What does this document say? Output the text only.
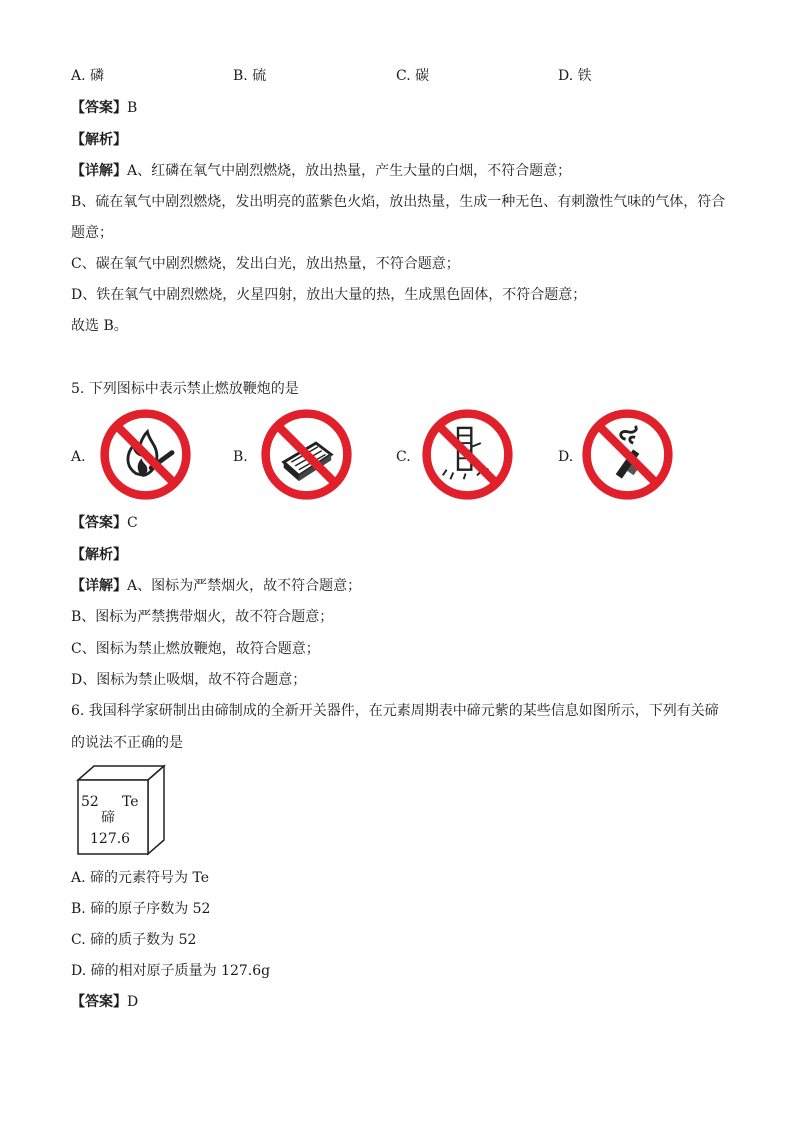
A. 磷	B. 硫	C. 碳	D. 铁
【答案】B
【解析】
【详解】A、红磷在氧气中剧烈燃烧，放出热量，产生大量的白烟，不符合题意；
B、硫在氧气中剧烈燃烧，发出明亮的蓝紫色火焰，放出热量，生成一种无色、有刺激性气味的气体，符合
题意；
C、碳在氧气中剧烈燃烧，发出白光，放出热量，不符合题意；
D、铁在氧气中剧烈燃烧，火星四射，放出大量的热，生成黑色固体，不符合题意；
故选 B。
5. 下列图标中表示禁止燃放鞭炮的是
A.	B.	C.	D.
【答案】C
【解析】
【详解】A、图标为严禁烟火，故不符合题意；
B、图标为严禁携带烟火，故不符合题意；
C、图标为禁止燃放鞭炮，故符合题意；
D、图标为禁止吸烟，故不符合题意；
6. 我国科学家研制出由碲制成的全新开关器件，在元素周期表中碲元紫的某些信息如图所示，下列有关碲
的说法不正确的是
52 Te
碲
127.6
A. 碲的元素符号为 Te
B. 碲的原子序数为 52
C. 碲的质子数为 52
D. 碲的相对原子质量为 127.6g
【答案】D
